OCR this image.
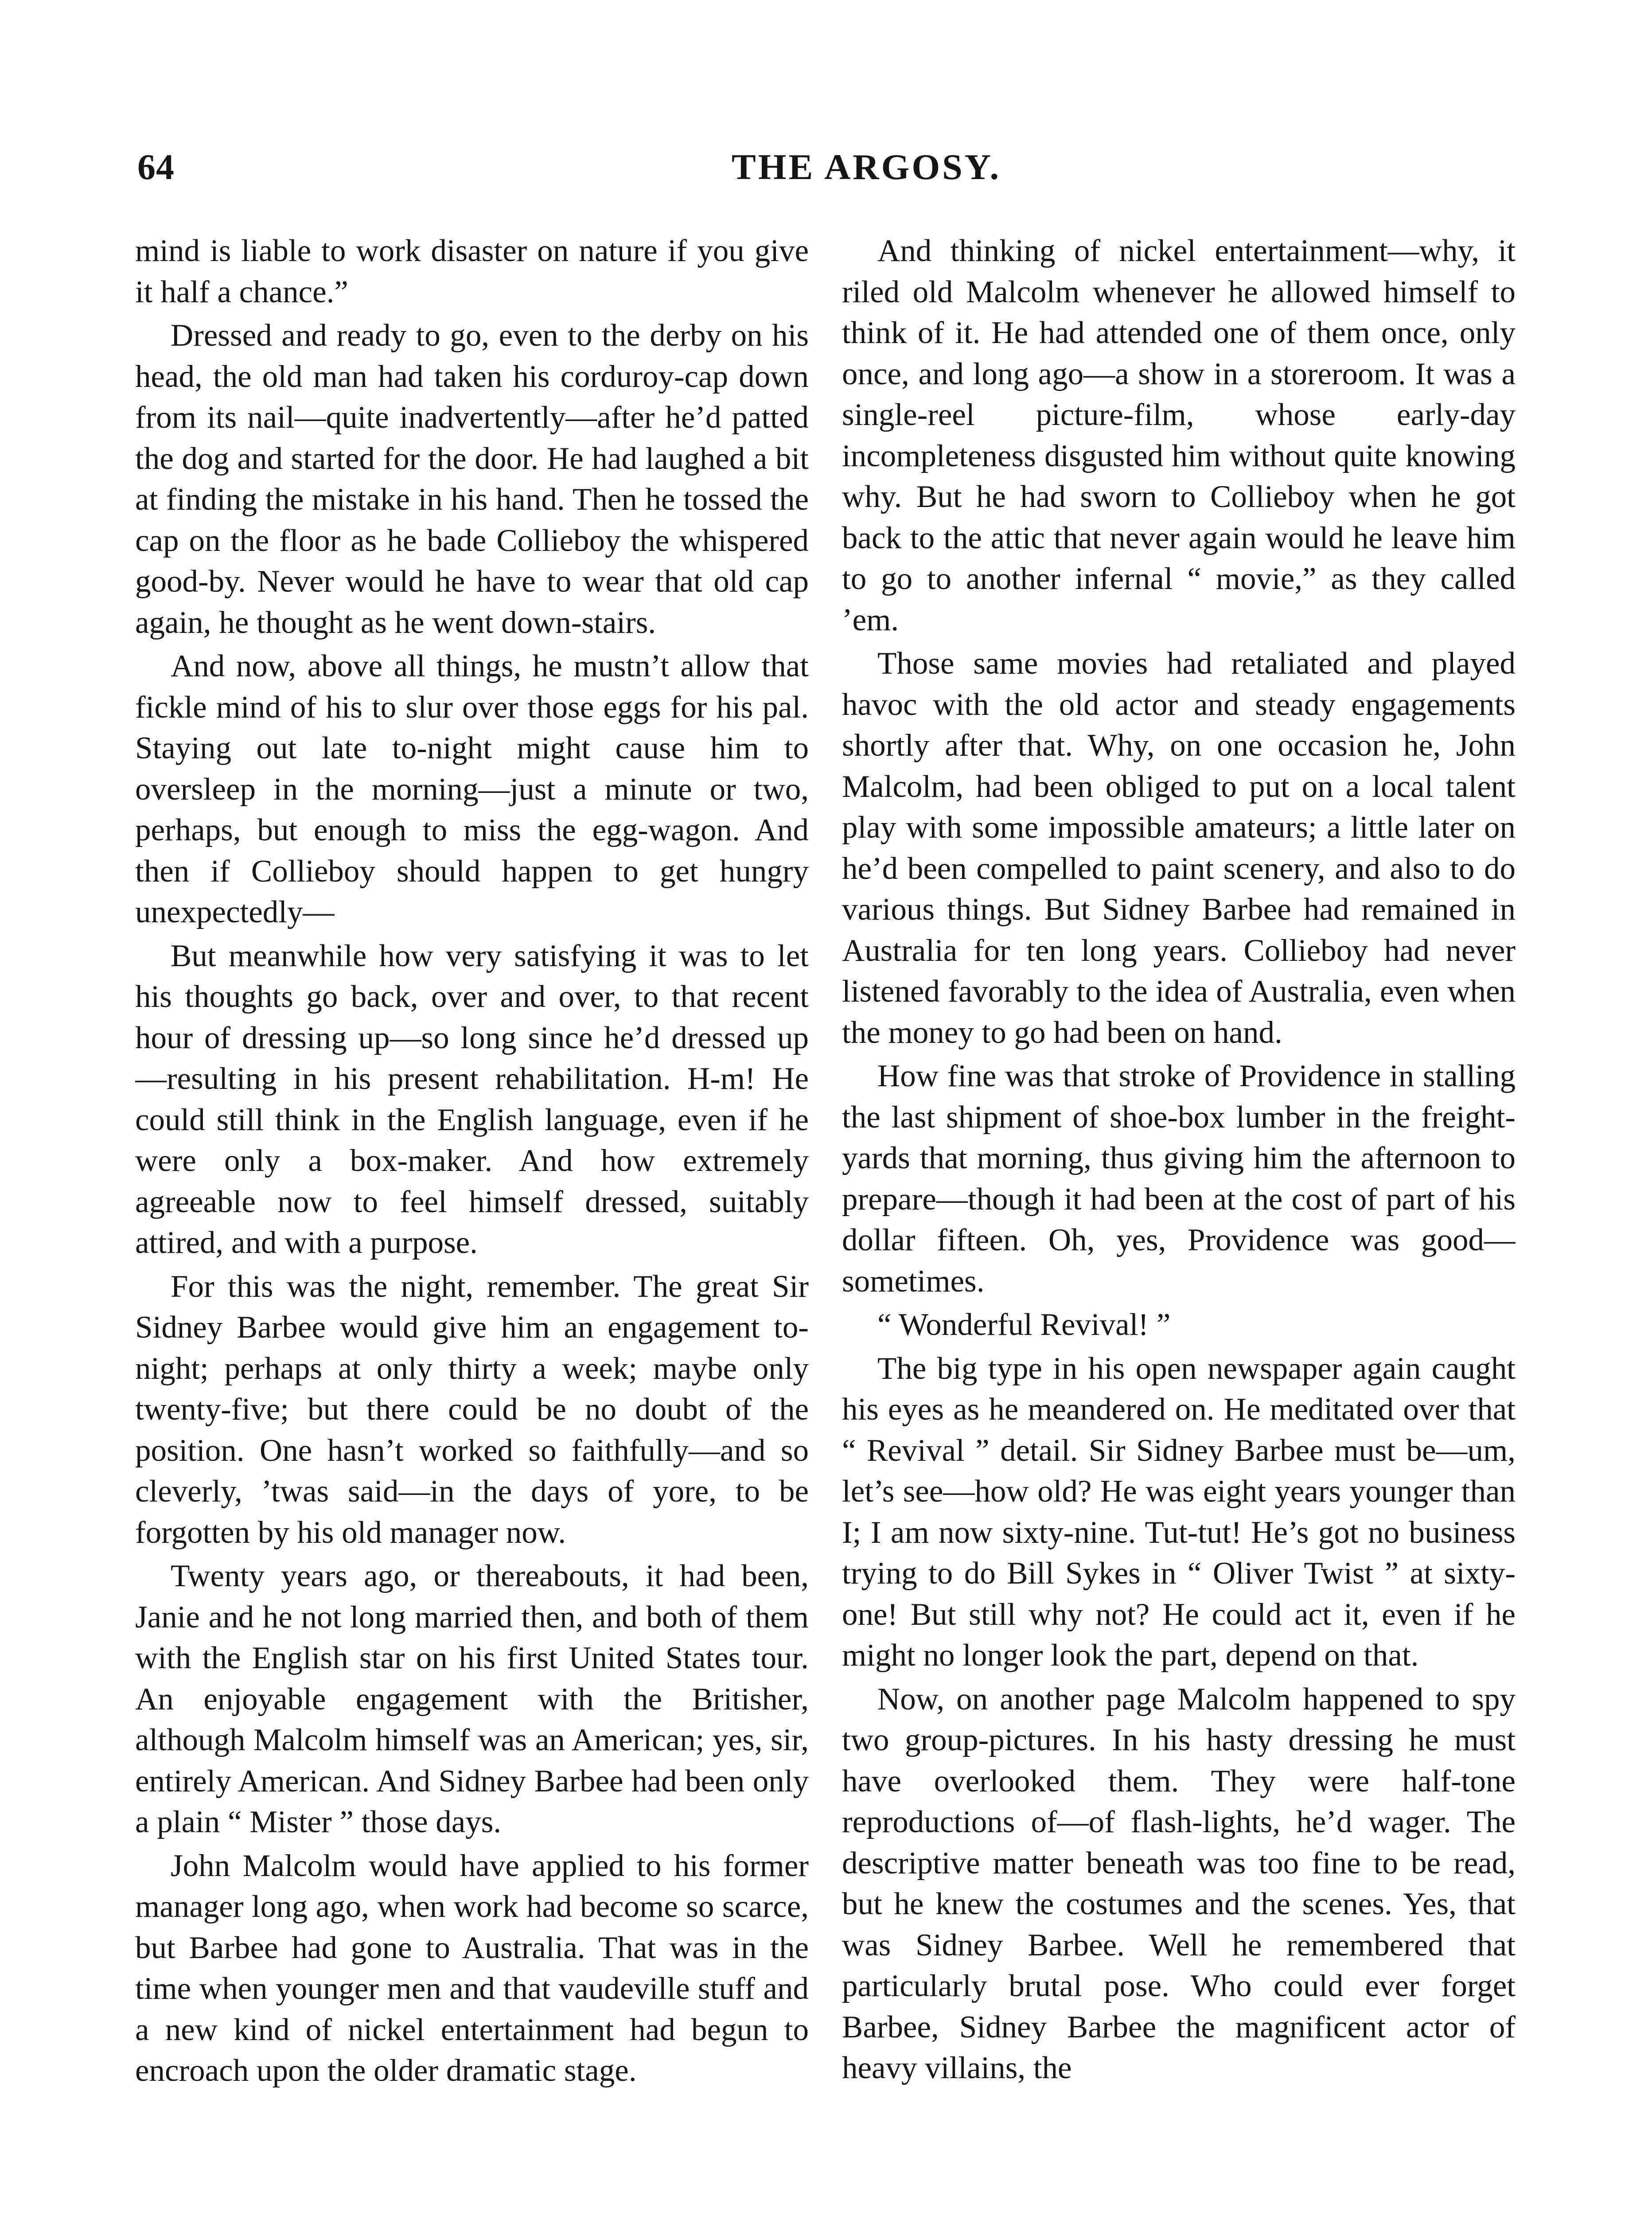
64	THE ARGOSY.

mind is liable to work disaster on nature if you give it half a chance.”

Dressed and ready to go, even to the derby on his head, the old man had taken his corduroy-cap down from its nail—quite inadvertently—after he’d patted the dog and started for the door. He had laughed a bit at finding the mistake in his hand. Then he tossed the cap on the floor as he bade Collieboy the whispered good-by. Never would he have to wear that old cap again, he thought as he went down-stairs.

And now, above all things, he mustn’t allow that fickle mind of his to slur over those eggs for his pal. Staying out late to-night might cause him to oversleep in the morning—just a minute or two, perhaps, but enough to miss the egg-wagon. And then if Collieboy should happen to get hungry unexpectedly—

But meanwhile how very satisfying it was to let his thoughts go back, over and over, to that recent hour of dressing up—so long since he’d dressed up—resulting in his present rehabilitation. H-m! He could still think in the English language, even if he were only a box-maker. And how extremely agreeable now to feel himself dressed, suitably attired, and with a purpose.

For this was the night, remember. The great Sir Sidney Barbee would give him an engagement to-night; perhaps at only thirty a week; maybe only twenty-five; but there could be no doubt of the position. One hasn’t worked so faithfully—and so cleverly, ’twas said—in the days of yore, to be forgotten by his old manager now.

Twenty years ago, or thereabouts, it had been, Janie and he not long married then, and both of them with the English star on his first United States tour. An enjoyable engagement with the Britisher, although Malcolm himself was an American; yes, sir, entirely American. And Sidney Barbee had been only a plain “ Mister ” those days.

John Malcolm would have applied to his former manager long ago, when work had become so scarce, but Barbee had gone to Australia. That was in the time when younger men and that vaudeville stuff and a new kind of nickel entertainment had begun to encroach upon the older dramatic stage.

And thinking of nickel entertainment—why, it riled old Malcolm whenever he allowed himself to think of it. He had attended one of them once, only once, and long ago—a show in a storeroom. It was a single-reel picture-film, whose early-day incompleteness disgusted him without quite knowing why. But he had sworn to Collieboy when he got back to the attic that never again would he leave him to go to another infernal “ movie,” as they called ’em.

Those same movies had retaliated and played havoc with the old actor and steady engagements shortly after that. Why, on one occasion he, John Malcolm, had been obliged to put on a local talent play with some impossible amateurs; a little later on he’d been compelled to paint scenery, and also to do various things. But Sidney Barbee had remained in Australia for ten long years. Collieboy had never listened favorably to the idea of Australia, even when the money to go had been on hand.

How fine was that stroke of Providence in stalling the last shipment of shoe-box lumber in the freight-yards that morning, thus giving him the afternoon to prepare—though it had been at the cost of part of his dollar fifteen. Oh, yes, Providence was good—sometimes.

“ Wonderful Revival! ”

The big type in his open newspaper again caught his eyes as he meandered on. He meditated over that “ Revival ” detail. Sir Sidney Barbee must be—um, let’s see—how old? He was eight years younger than I; I am now sixty-nine. Tut-tut! He’s got no business trying to do Bill Sykes in “ Oliver Twist ” at sixty-one! But still why not? He could act it, even if he might no longer look the part, depend on that.

Now, on another page Malcolm happened to spy two group-pictures. In his hasty dressing he must have overlooked them. They were half-tone reproductions of—of flash-lights, he’d wager. The descriptive matter beneath was too fine to be read, but he knew the costumes and the scenes. Yes, that was Sidney Barbee. Well he remembered that particularly brutal pose. Who could ever forget Barbee, Sidney Barbee the magnificent actor of heavy villains, the
